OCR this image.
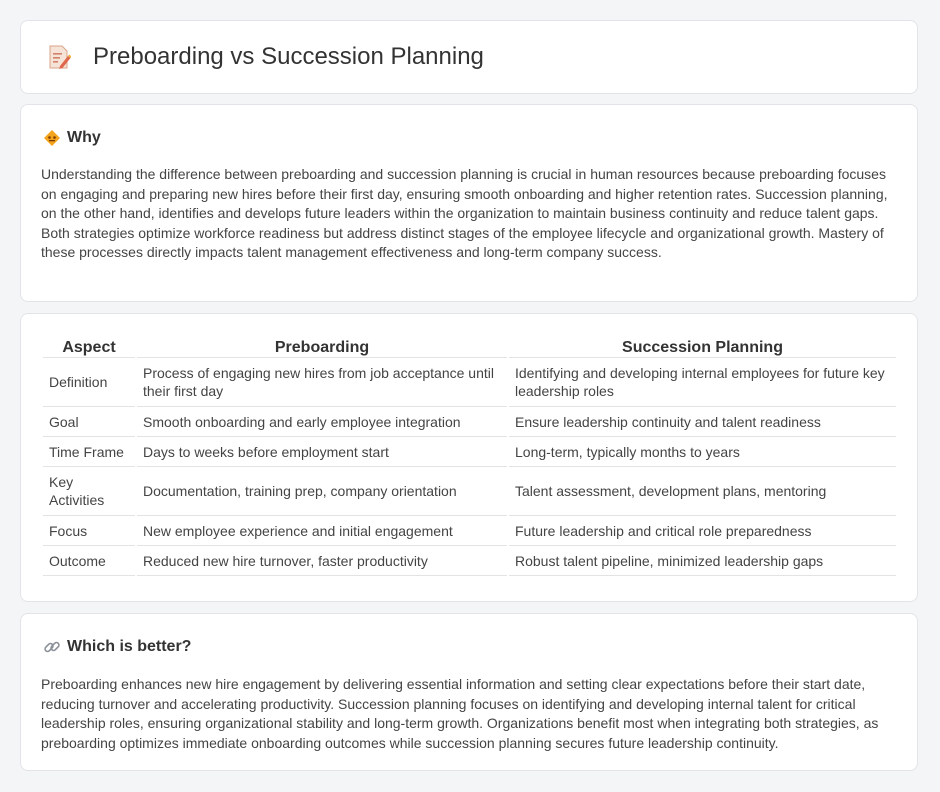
Preboarding vs Succession Planning
Why

Understanding the difference between preboarding and succession planning is crucial in human resources because preboarding focuses on engaging and preparing new hires before their first day, ensuring smooth onboarding and higher retention rates. Succession planning, on the other hand, identifies and develops future leaders within the organization to maintain business continuity and reduce talent gaps. Both strategies optimize workforce readiness but address distinct stages of the employee lifecycle and organizational growth. Mastery of these processes directly impacts talent management effectiveness and long-term company success.

Aspect	Preboarding	Succession Planning
Definition	Process of engaging new hires from job acceptance until their first day	Identifying and developing internal employees for future key leadership roles
Goal	Smooth onboarding and early employee integration	Ensure leadership continuity and talent readiness
Time Frame	Days to weeks before employment start	Long-term, typically months to years
Key Activities	Documentation, training prep, company orientation	Talent assessment, development plans, mentoring
Focus	New employee experience and initial engagement	Future leadership and critical role preparedness
Outcome	Reduced new hire turnover, faster productivity	Robust talent pipeline, minimized leadership gaps
Which is better?

Preboarding enhances new hire engagement by delivering essential information and setting clear expectations before their start date, reducing turnover and accelerating productivity. Succession planning focuses on identifying and developing internal talent for critical leadership roles, ensuring organizational stability and long-term growth. Organizations benefit most when integrating both strategies, as preboarding optimizes immediate onboarding outcomes while succession planning secures future leadership continuity.
